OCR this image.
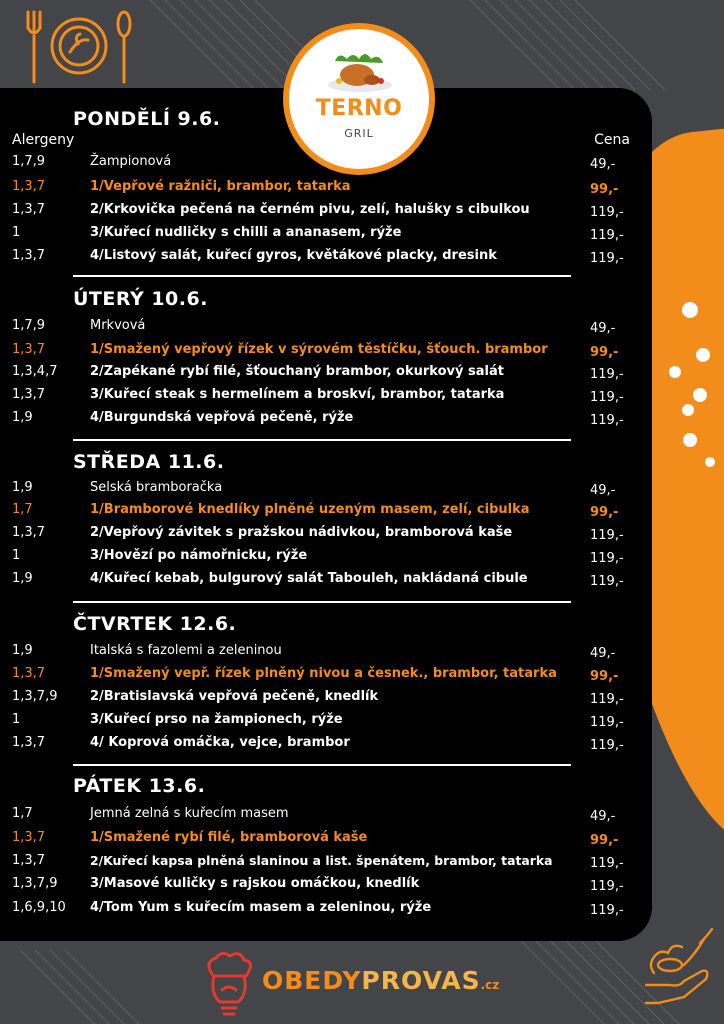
TERNO
GRIL
Alergeny	Cena
PONDĚLÍ 9.6.
1,7,9	Žampionová	49,-
1,3,7	1/Vepřové ražniči, brambor, tatarka	99,-
1,3,7	2/Krkovička pečená na černém pivu, zelí, halušky s cibulkou	119,-
1	3/Kuřecí nudličky s chilli a ananasem, rýže	119,-
1,3,7	4/Listový salát, kuřecí gyros, květákové placky, dresink	119,-
ÚTERÝ 10.6.
1,7,9	Mrkvová	49,-
1,3,7	1/Smažený vepřový řízek v sýrovém těstíčku, šťouch. brambor	99,-
1,3,4,7	2/Zapékané rybí filé, šťouchaný brambor, okurkový salát	119,-
1,3,7	3/Kuřecí steak s hermelínem a broskví, brambor, tatarka	119,-
1,9	4/Burgundská vepřová pečeně, rýže	119,-
STŘEDA 11.6.
1,9	Selská bramboračka	49,-
1,7	1/Bramborové knedlíky plněné uzeným masem, zelí, cibulka	99,-
1,3,7	2/Vepřový závitek s pražskou nádivkou, bramborová kaše	119,-
1	3/Hovězí po námořnicku, rýže	119,-
1,9	4/Kuřecí kebab, bulgurový salát Tabouleh, nakládaná cibule	119,-
ČTVRTEK 12.6.
1,9	Italská s fazolemi a zeleninou	49,-
1,3,7	1/Smažený vepř. řízek plněný nivou a česnek., brambor, tatarka	99,-
1,3,7,9	2/Bratislavská vepřová pečeně, knedlík	119,-
1	3/Kuřecí prso na žampionech, rýže	119,-
1,3,7	4/ Koprová omáčka, vejce, brambor	119,-
PÁTEK 13.6.
1,7	Jemná zelná s kuřecím masem	49,-
1,3,7	1/Smažené rybí filé, bramborová kaše	99,-
1,3,7	2/Kuřecí kapsa plněná slaninou a list. špenátem, brambor, tatarka	119,-
1,3,7,9	3/Masové kuličky s rajskou omáčkou, knedlík	119,-
1,6,9,10	4/Tom Yum s kuřecím masem a zeleninou, rýže	119,-
OBEDYPROVAS.cz
